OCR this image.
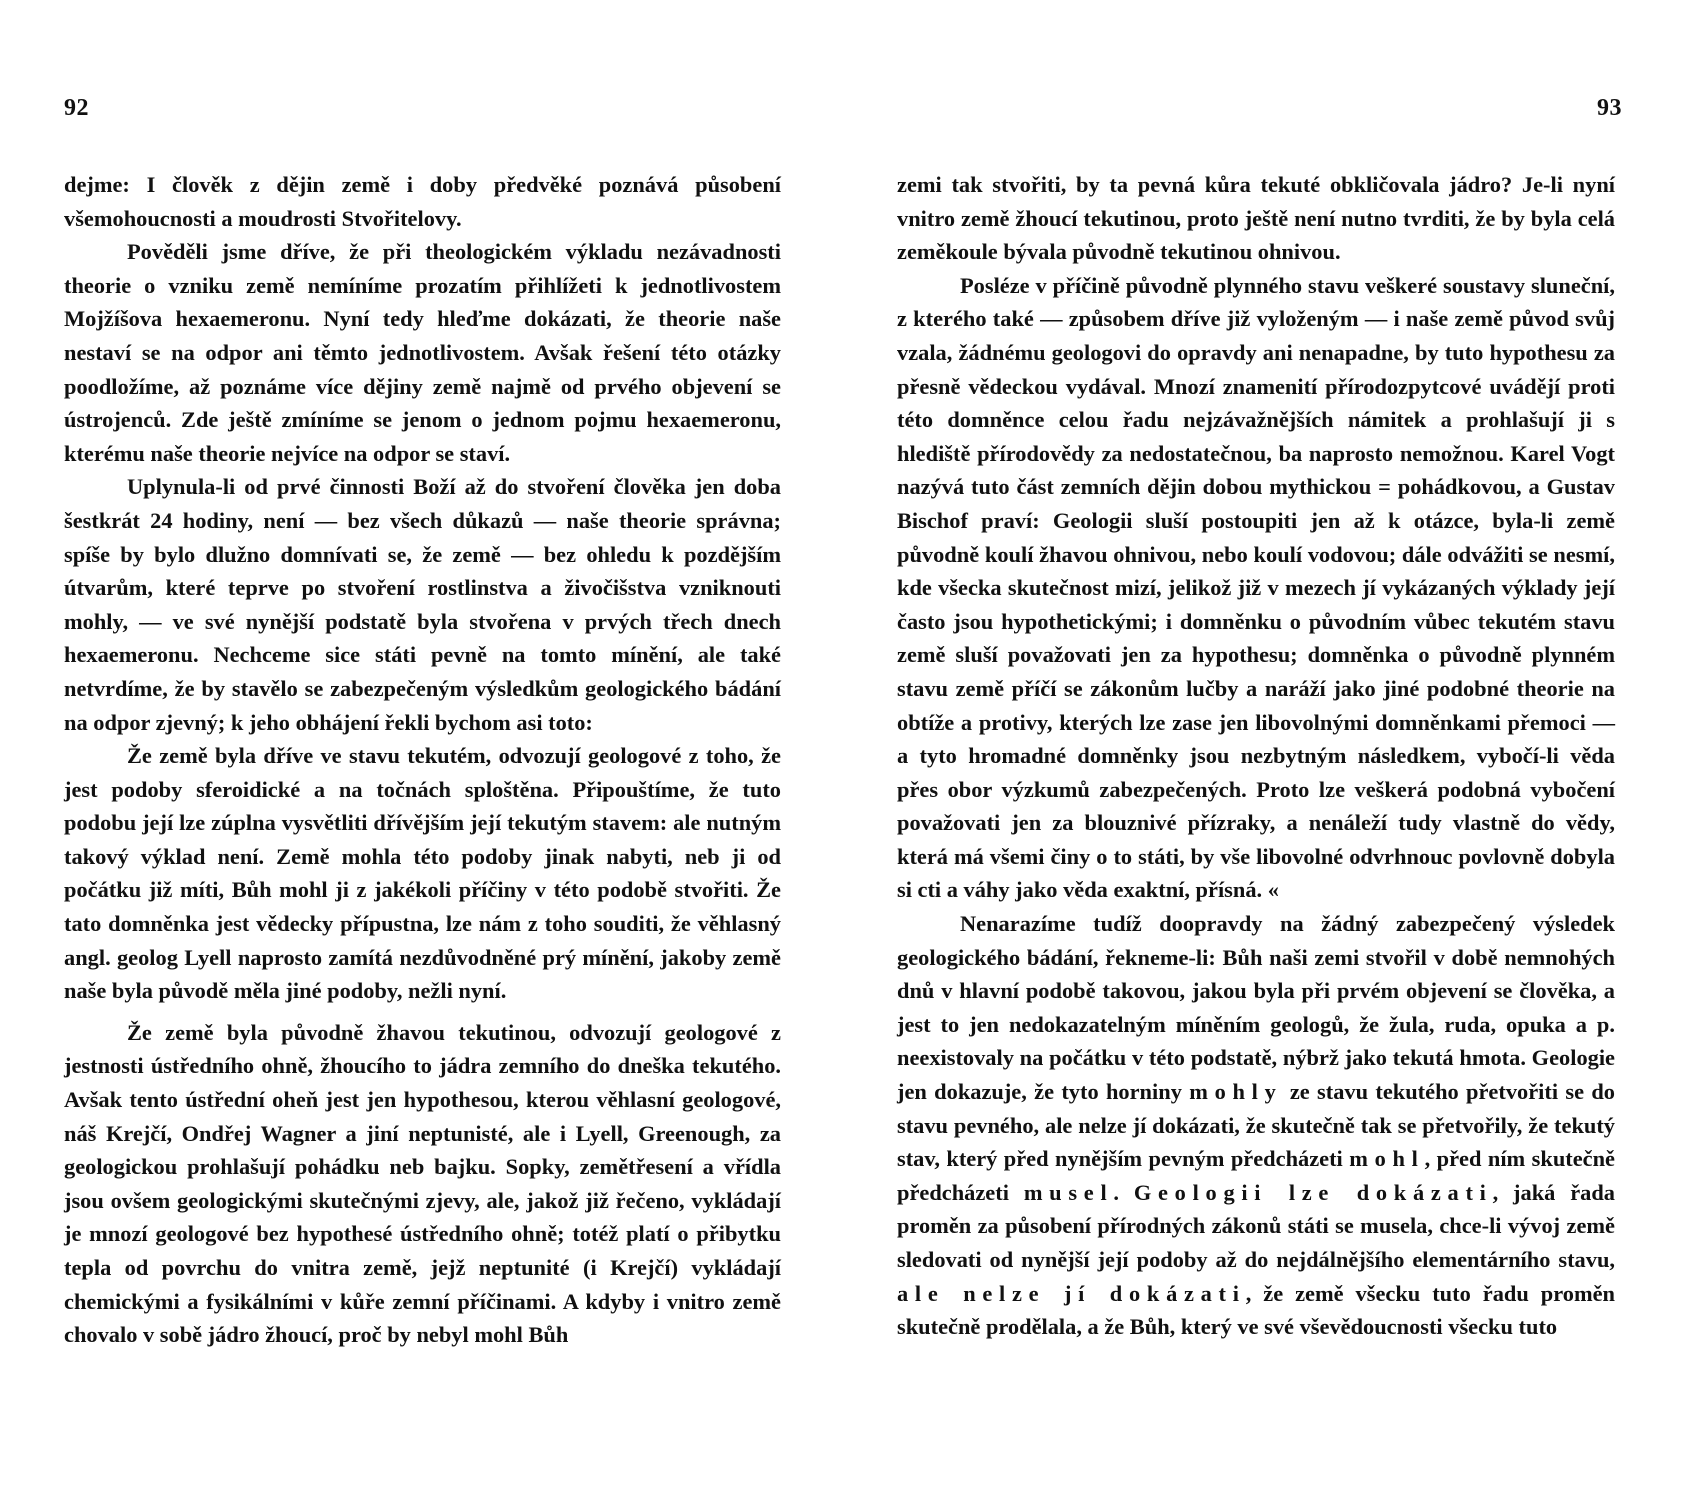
92

dejme: I člověk z dějin země i doby předvěké poznává působení všemohoucnosti a moudrosti Stvořitelovy.

Pověděli jsme dříve, že při theologickém výkladu nezávadnosti theorie o vzniku země nemíníme prozatím přihlížeti k jednotlivostem Mojžíšova hexaemeronu. Nyní tedy hleďme dokázati, že theorie naše nestaví se na odpor ani těmto jednotlivostem. Avšak řešení této otázky poodložíme, až poznáme více dějiny země najmě od prvého objevení se ústrojenců. Zde ještě zmíníme se jenom o jednom pojmu hexaemeronu, kterému naše theorie nejvíce na odpor se staví.

Uplynula-li od prvé činnosti Boží až do stvoření člověka jen doba šestkrát 24 hodiny, není — bez všech důkazů — naše theorie správna; spíše by bylo dlužno domnívati se, že země — bez ohledu k pozdějším útvarům, které teprve po stvoření rostlinstva a živočišstva vzniknouti mohly, — ve své nynější podstatě byla stvořena v prvých třech dnech hexaemeronu. Nechceme sice státi pevně na tomto mínění, ale také netvrdíme, že by stavělo se zabezpečeným výsledkům geologického bádání na odpor zjevný; k jeho obhájení řekli bychom asi toto:

Že země byla dříve ve stavu tekutém, odvozují geologové z toho, že jest podoby sferoidické a na točnách sploštěna. Připouštíme, že tuto podobu její lze zúplna vysvětliti dřívějším její tekutým stavem: ale nutným takový výklad není. Země mohla této podoby jinak nabyti, neb ji od počátku již míti, Bůh mohl ji z jakékoli příčiny v této podobě stvořiti. Že tato domněnka jest vědecky přípustna, lze nám z toho souditi, že věhlasný angl. geolog Lyell naprosto zamítá nezdůvodněné prý mínění, jakoby země naše byla původě měla jiné podoby, nežli nyní.

Že země byla původně žhavou tekutinou, odvozují geologové z jestnosti ústředního ohně, žhoucího to jádra zemního do dneška tekutého. Avšak tento ústřední oheň jest jen hypothesou, kterou věhlasní geologové, náš Krejčí, Ondřej Wagner a jiní neptunisté, ale i Lyell, Greenough, za geologickou prohlašují pohádku neb bajku. Sopky, zemětřesení a vřídla jsou ovšem geologickými skutečnými zjevy, ale, jakož již řečeno, vykládají je mnozí geologové bez hypothesé ústředního ohně; totéž platí o přibytku tepla od povrchu do vnitra země, jejž neptunité (i Krejčí) vykládají chemickými a fysikálními v kůře zemní příčinami. A kdyby i vnitro země chovalo v sobě jádro žhoucí, proč by nebyl mohl Bůh

93

zemi tak stvořiti, by ta pevná kůra tekuté obkličovala jádro? Je-li nyní vnitro země žhoucí tekutinou, proto ještě není nutno tvrditi, že by byla celá zeměkoule bývala původně tekutinou ohnivou.

Posléze v příčině původně plynného stavu veškeré soustavy sluneční, z kterého také — způsobem dříve již vyloženým — i naše země původ svůj vzala, žádnému geologovi do opravdy ani nenapadne, by tuto hypothesu za přesně vědeckou vydával. Mnozí znamenití přírodozpytcové uvádějí proti této domněnce celou řadu nejzávažnějších námitek a prohlašují ji s hlediště přírodovědy za nedostatečnou, ba naprosto nemožnou. Karel Vogt nazývá tuto část zemních dějin dobou mythickou = pohádkovou, a Gustav Bischof praví: Geologii sluší postoupiti jen až k otázce, byla-li země původně koulí žhavou ohnivou, nebo koulí vodovou; dále odvážiti se nesmí, kde všecka skutečnost mizí, jelikož již v mezech jí vykázaných výklady její často jsou hypothetickými; i domněnku o původním vůbec tekutém stavu země sluší považovati jen za hypothesu; domněnka o původně plynném stavu země příčí se zákonům lučby a naráží jako jiné podobné theorie na obtíže a protivy, kterých lze zase jen libovolnými domněnkami přemoci — a tyto hromadné domněnky jsou nezbytným následkem, vybočí-li věda přes obor výzkumů zabezpečených. Proto lze veškerá podobná vybočení považovati jen za blouznivé přízraky, a nenáleží tudy vlastně do vědy, která má všemi činy o to státi, by vše libovolné odvrhnouc povlovně dobyla si cti a váhy jako věda exaktní, přísná. «

Nenarazíme tudíž doopravdy na žádný zabezpečený výsledek geologického bádání, řekneme-li: Bůh naši zemi stvořil v době nemnohých dnů v hlavní podobě takovou, jakou byla při prvém objevení se člověka, a jest to jen nedokazatelným míněním geologů, že žula, ruda, opuka a p. neexistovaly na počátku v této podstatě, nýbrž jako tekutá hmota. Geologie jen dokazuje, že tyto horniny mohly ze stavu tekutého přetvořiti se do stavu pevného, ale nelze jí dokázati, že skutečně tak se přetvořily, že tekutý stav, který před nynějším pevným předcházeti mohl, před ním skutečně předcházeti musel. Geologii lze dokázati, jaká řada proměn za působení přírodných zákonů státi se musela, chce-li vývoj země sledovati od nynější její podoby až do nejdálnějšího elementárního stavu, ale nelze jí dokázati, že země všecku tuto řadu proměn skutečně prodělala, a že Bůh, který ve své vševědoucnosti všecku tuto
